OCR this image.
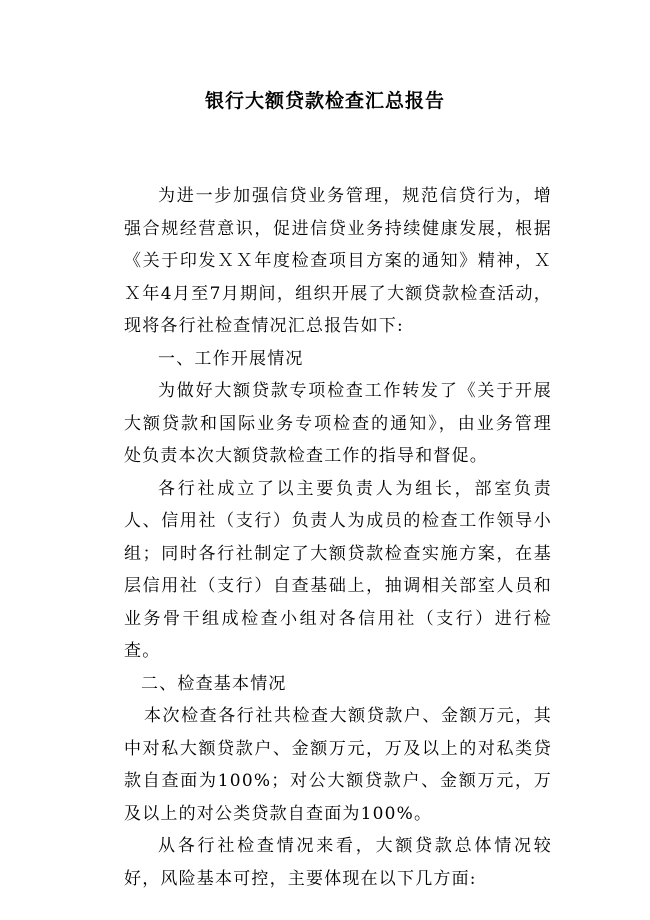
银行大额贷款检查汇总报告

为进一步加强信贷业务管理，规范信贷行为，增强合规经营意识，促进信贷业务持续健康发展，根据《关于印发ＸＸ年度检查项目方案的通知》精神，ＸＸ年4月至7月期间，组织开展了大额贷款检查活动，现将各行社检查情况汇总报告如下:

一、工作开展情况

为做好大额贷款专项检查工作转发了《关于开展大额贷款和国际业务专项检查的通知》，由业务管理处负责本次大额贷款检查工作的指导和督促。

各行社成立了以主要负责人为组长，部室负责人、信用社（支行）负责人为成员的检查工作领导小组；同时各行社制定了大额贷款检查实施方案，在基层信用社（支行）自查基础上，抽调相关部室人员和业务骨干组成检查小组对各信用社（支行）进行检查。

二、检查基本情况

本次检查各行社共检查大额贷款户、金额万元，其中对私大额贷款户、金额万元，万及以上的对私类贷款自查面为100%；对公大额贷款户、金额万元，万及以上的对公类贷款自查面为100%。

从各行社检查情况来看，大额贷款总体情况较好，风险基本可控，主要体现在以下几方面:
